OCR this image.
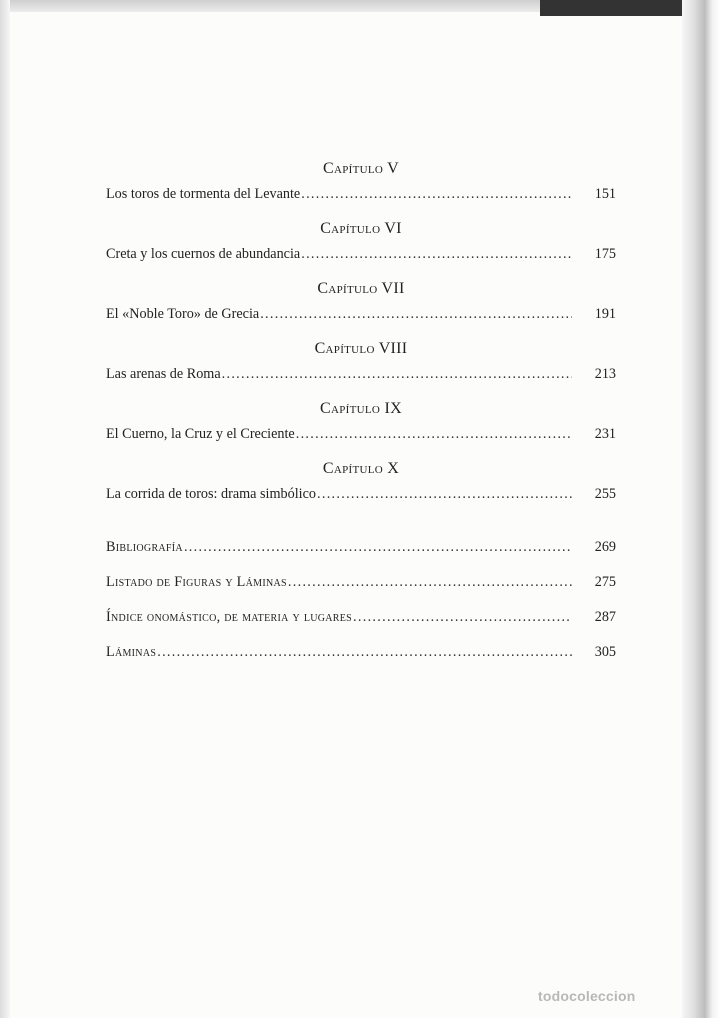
Capítulo V
Los toros de tormenta del Levante .....	151
Capítulo VI
Creta y los cuernos de abundancia .....	175
Capítulo VII
El «Noble Toro» de Grecia .....	191
Capítulo VIII
Las arenas de Roma .....	213
Capítulo IX
El Cuerno, la Cruz y el Creciente .....	231
Capítulo X
La corrida de toros: drama simbólico .....	255
Bibliografía .....	269
Listado de Figuras y Láminas .....	275
Índice onomástico, de materia y lugares .....	287
Láminas .....	305
todocoleccion
